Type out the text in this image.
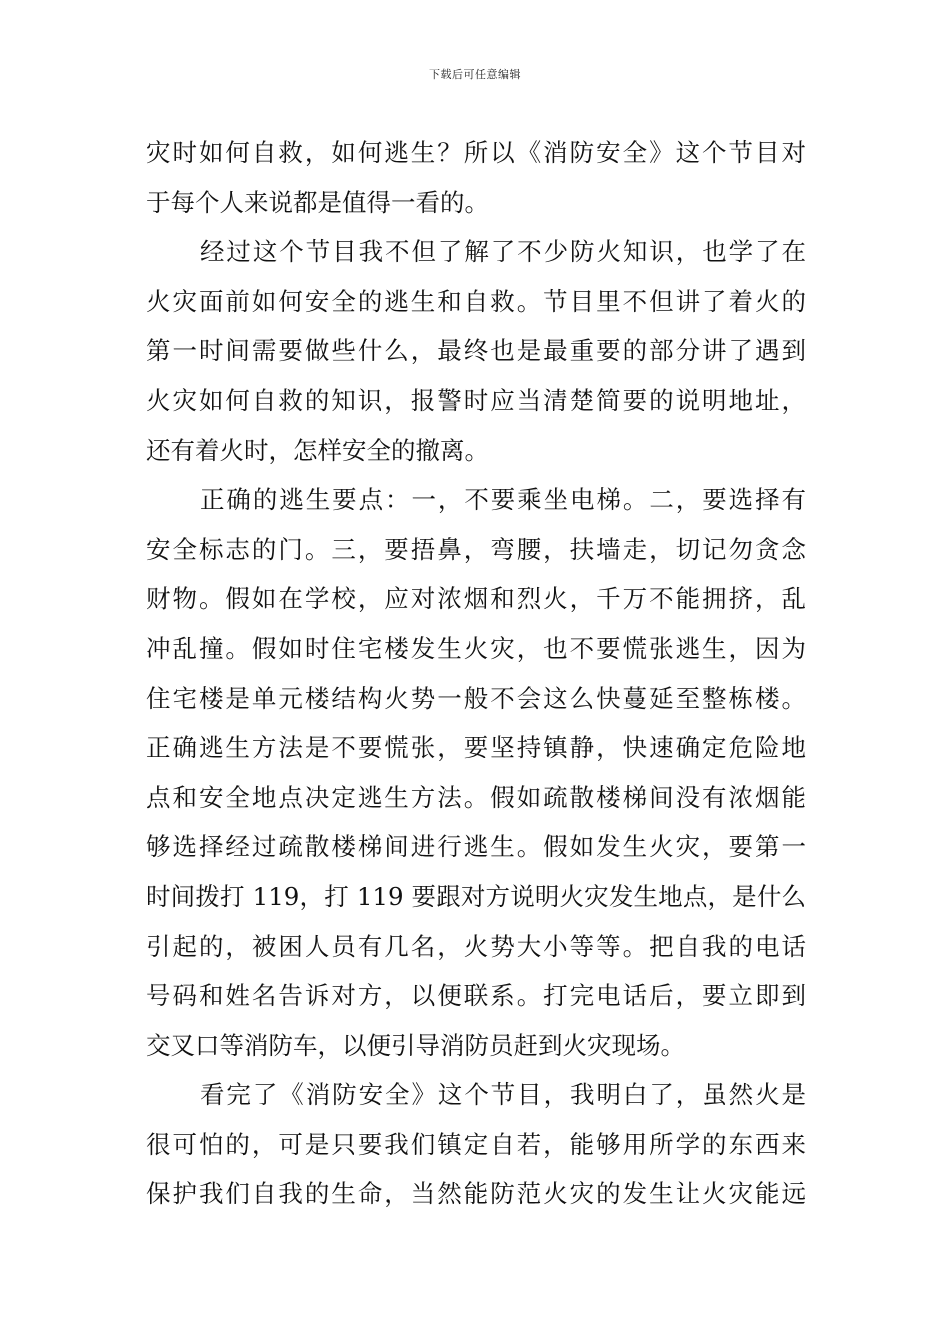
下载后可任意编辑
灾时如何自救，如何逃生？所以《消防安全》这个节目对
于每个人来说都是值得一看的。
经过这个节目我不但了解了不少防火知识，也学了在
火灾面前如何安全的逃生和自救。节目里不但讲了着火的
第一时间需要做些什么，最终也是最重要的部分讲了遇到
火灾如何自救的知识，报警时应当清楚简要的说明地址，
还有着火时，怎样安全的撤离。
正确的逃生要点：一，不要乘坐电梯。二，要选择有
安全标志的门。三，要捂鼻，弯腰，扶墙走，切记勿贪念
财物。假如在学校，应对浓烟和烈火，千万不能拥挤，乱
冲乱撞。假如时住宅楼发生火灾，也不要慌张逃生，因为
住宅楼是单元楼结构火势一般不会这么快蔓延至整栋楼。
正确逃生方法是不要慌张，要坚持镇静，快速确定危险地
点和安全地点决定逃生方法。假如疏散楼梯间没有浓烟能
够选择经过疏散楼梯间进行逃生。假如发生火灾，要第一
时间拨打 119，打 119 要跟对方说明火灾发生地点，是什么
引起的，被困人员有几名，火势大小等等。把自我的电话
号码和姓名告诉对方，以便联系。打完电话后，要立即到
交叉口等消防车，以便引导消防员赶到火灾现场。
看完了《消防安全》这个节目，我明白了，虽然火是
很可怕的，可是只要我们镇定自若，能够用所学的东西来
保护我们自我的生命，当然能防范火灾的发生让火灾能远
